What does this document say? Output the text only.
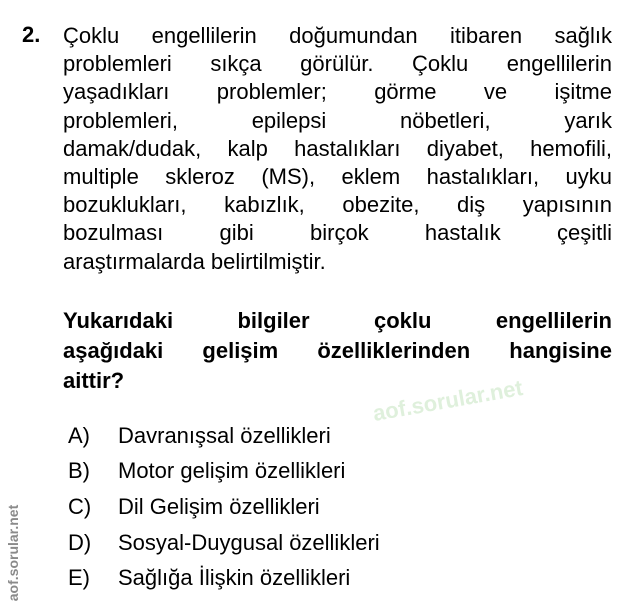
2. Çoklu engellilerin doğumundan itibaren sağlık
problemleri sıkça görülür. Çoklu engellilerin
yaşadıkları problemler; görme ve işitme
problemleri,	epilepsi	nöbetleri,	yarık
damak/dudak, kalp hastalıkları diyabet, hemofili,
multiple skleroz (MS), eklem hastalıkları, uyku
bozuklukları, kabızlık, obezite, diş yapısının
bozulması	gibi	birçok	hastalık	çeşitli
araştırmalarda belirtilmiştir.
Yukarıdaki	bilgiler	çoklu	engellilerin
aşağıdaki gelişim özelliklerinden hangisine
aittir?
A)	Davranışsal özellikleri
B)	Motor gelişim özellikleri
C)	Dil Gelişim özellikleri
D)	Sosyal-Duygusal özellikleri
E)	Sağlığa İlişkin özellikleri
aof.sorular.net
aof.sorular.net
